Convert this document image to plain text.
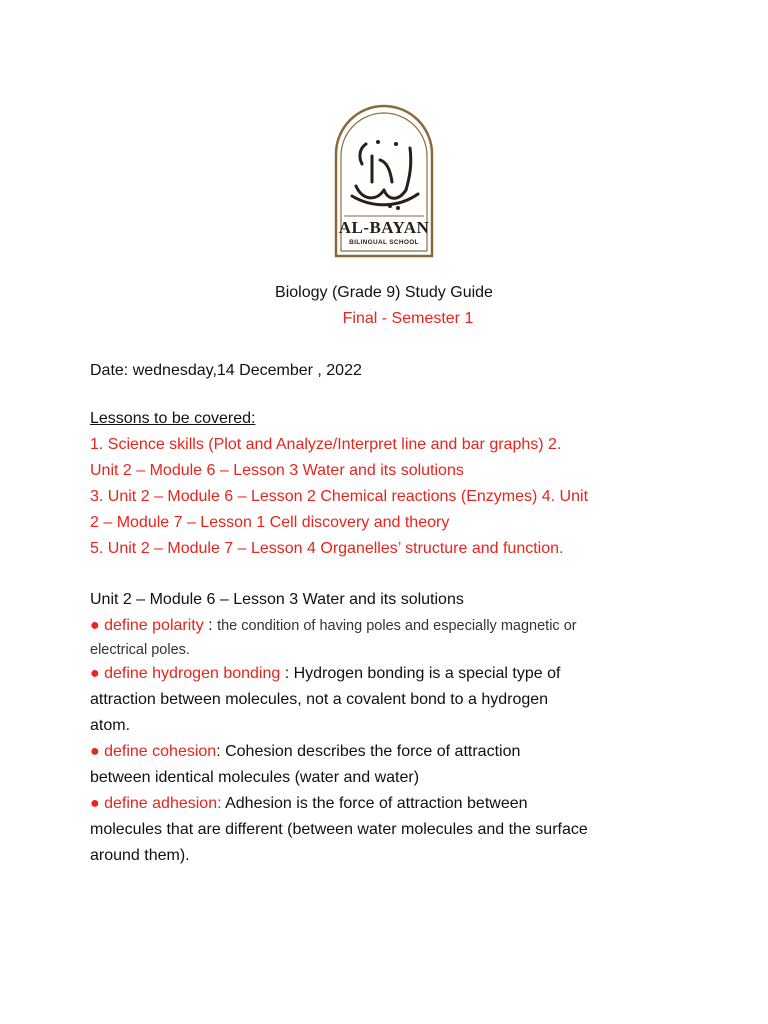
AL-BAYAN
BILINGUAL SCHOOL
Biology (Grade 9) Study Guide
Final - Semester 1
Date: wednesday,14 December , 2022
Lessons to be covered:
1. Science skills (Plot and Analyze/Interpret line and bar graphs) 2.
Unit 2 – Module 6 – Lesson 3 Water and its solutions
3. Unit 2 – Module 6 – Lesson 2 Chemical reactions (Enzymes) 4. Unit
2 – Module 7 – Lesson 1 Cell discovery and theory
5. Unit 2 – Module 7 – Lesson 4 Organelles’ structure and function.
Unit 2 – Module 6 – Lesson 3 Water and its solutions
● define polarity : the condition of having poles and especially magnetic or
electrical poles.
● define hydrogen bonding : Hydrogen bonding is a special type of
attraction between molecules, not a covalent bond to a hydrogen
atom.
● define cohesion: Cohesion describes the force of attraction
between identical molecules (water and water)
● define adhesion: Adhesion is the force of attraction between
molecules that are different (between water molecules and the surface
around them).
